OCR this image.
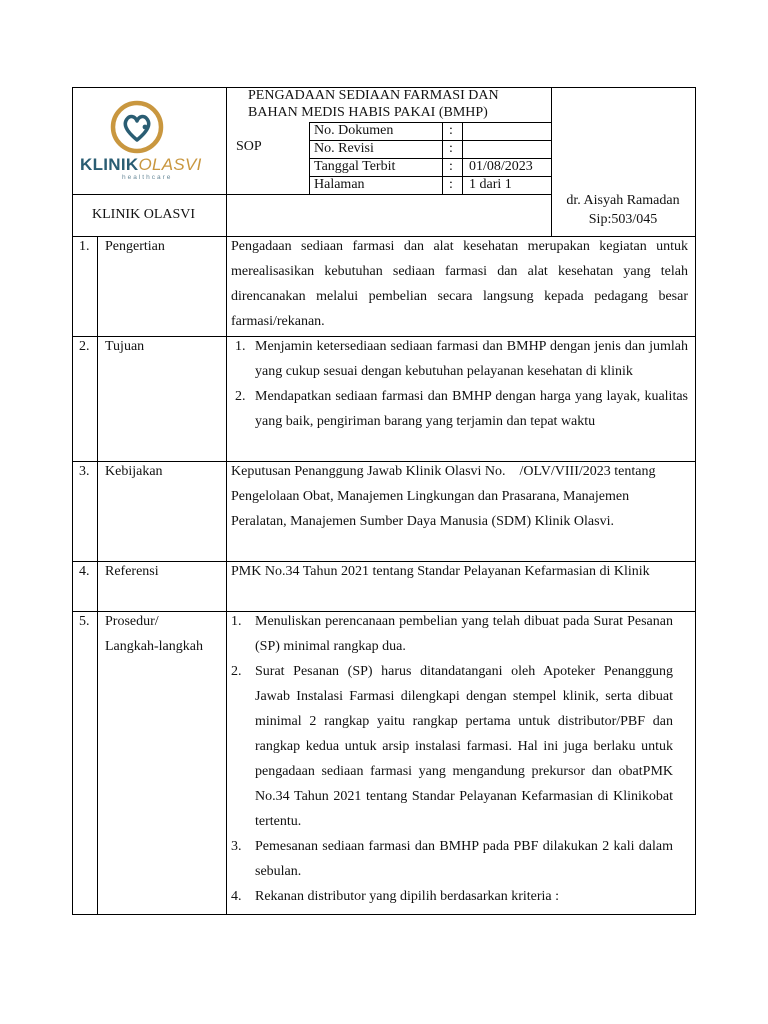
KLINIKOLASVI
healthcare
PENGADAAN SEDIAAN FARMASI DAN
BAHAN MEDIS HABIS PAKAI (BMHP)
SOP
No. Dokumen	:
No. Revisi	:
Tanggal Terbit	: 01/08/2023
Halaman	: 1 dari 1
KLINIK OLASVI
dr. Aisyah Ramadan
Sip:503/045
1. Pengertian	Pengadaan sediaan farmasi dan alat kesehatan merupakan kegiatan untuk merealisasikan kebutuhan sediaan farmasi dan alat kesehatan yang telah direncanakan melalui pembelian secara langsung kepada pedagang besar farmasi/rekanan.
2. Tujuan	1. Menjamin ketersediaan sediaan farmasi dan BMHP dengan jenis dan jumlah yang cukup sesuai dengan kebutuhan pelayanan kesehatan di klinik
2. Mendapatkan sediaan farmasi dan BMHP dengan harga yang layak, kualitas yang baik, pengiriman barang yang terjamin dan tepat waktu
3. Kebijakan	Keputusan Penanggung Jawab Klinik Olasvi No.    /OLV/VIII/2023 tentang Pengelolaan Obat, Manajemen Lingkungan dan Prasarana, Manajemen Peralatan, Manajemen Sumber Daya Manusia (SDM) Klinik Olasvi.
4. Referensi	PMK No.34 Tahun 2021 tentang Standar Pelayanan Kefarmasian di Klinik
5. Prosedur/
Langkah-langkah
1. Menuliskan perencanaan pembelian yang telah dibuat pada Surat Pesanan (SP) minimal rangkap dua.
2. Surat Pesanan (SP) harus ditandatangani oleh Apoteker Penanggung Jawab Instalasi Farmasi dilengkapi dengan stempel klinik, serta dibuat minimal 2 rangkap yaitu rangkap pertama untuk distributor/PBF dan rangkap kedua untuk arsip instalasi farmasi. Hal ini juga berlaku untuk pengadaan sediaan farmasi yang mengandung prekursor dan obatPMK No.34 Tahun 2021 tentang Standar Pelayanan Kefarmasian di Klinikobat tertentu.
3. Pemesanan sediaan farmasi dan BMHP pada PBF dilakukan 2 kali dalam sebulan.
4. Rekanan distributor yang dipilih berdasarkan kriteria :
